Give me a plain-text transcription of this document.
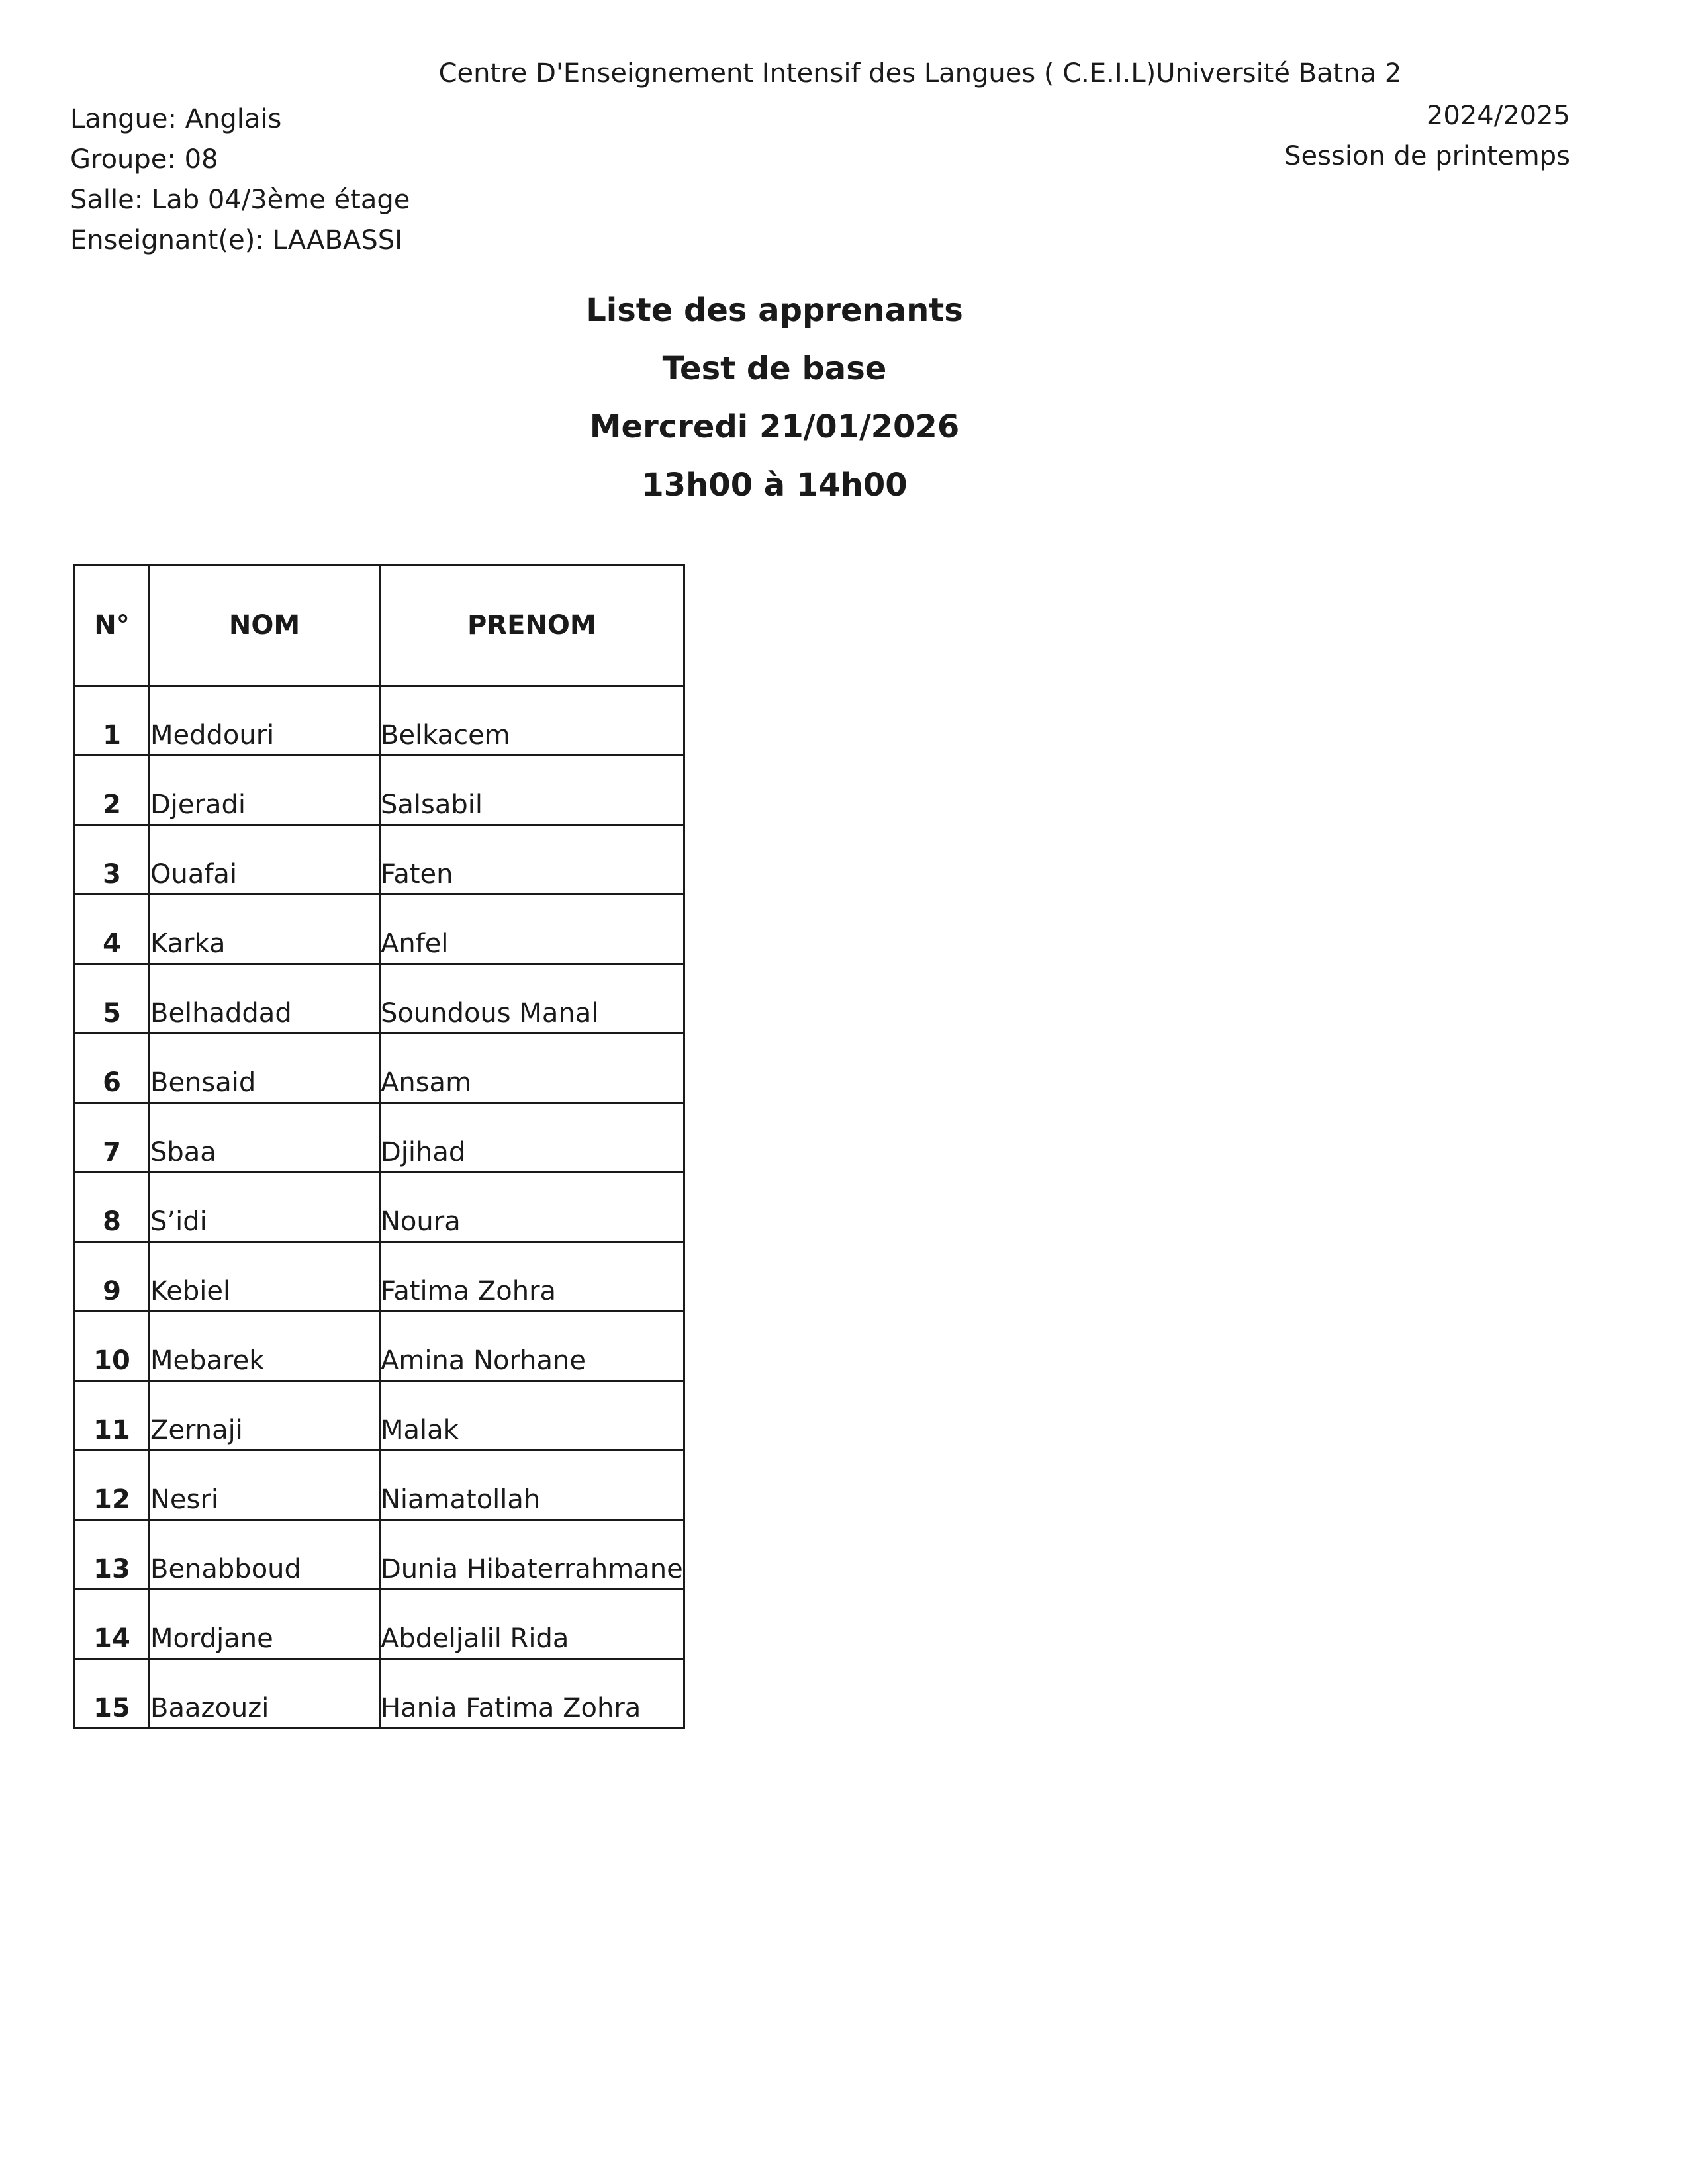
Centre D'Enseignement Intensif des Langues ( C.E.I.L)Université Batna 2
Langue: Anglais
Groupe: 08
Salle: Lab 04/3ème étage
Enseignant(e): LAABASSI
2024/2025
Session de printemps
Liste des apprenants
Test de base
Mercredi 21/01/2026
13h00 à 14h00
N°	NOM	PRENOM
1	Meddouri	Belkacem
2	Djeradi	Salsabil
3	Ouafai	Faten
4	Karka	Anfel
5	Belhaddad	Soundous Manal
6	Bensaid	Ansam
7	Sbaa	Djihad
8	S’idi	Noura
9	Kebiel	Fatima Zohra
10	Mebarek	Amina Norhane
11	Zernaji	Malak
12	Nesri	Niamatollah
13	Benabboud	Dunia Hibaterrahmane
14	Mordjane	Abdeljalil Rida
15	Baazouzi	Hania Fatima Zohra
